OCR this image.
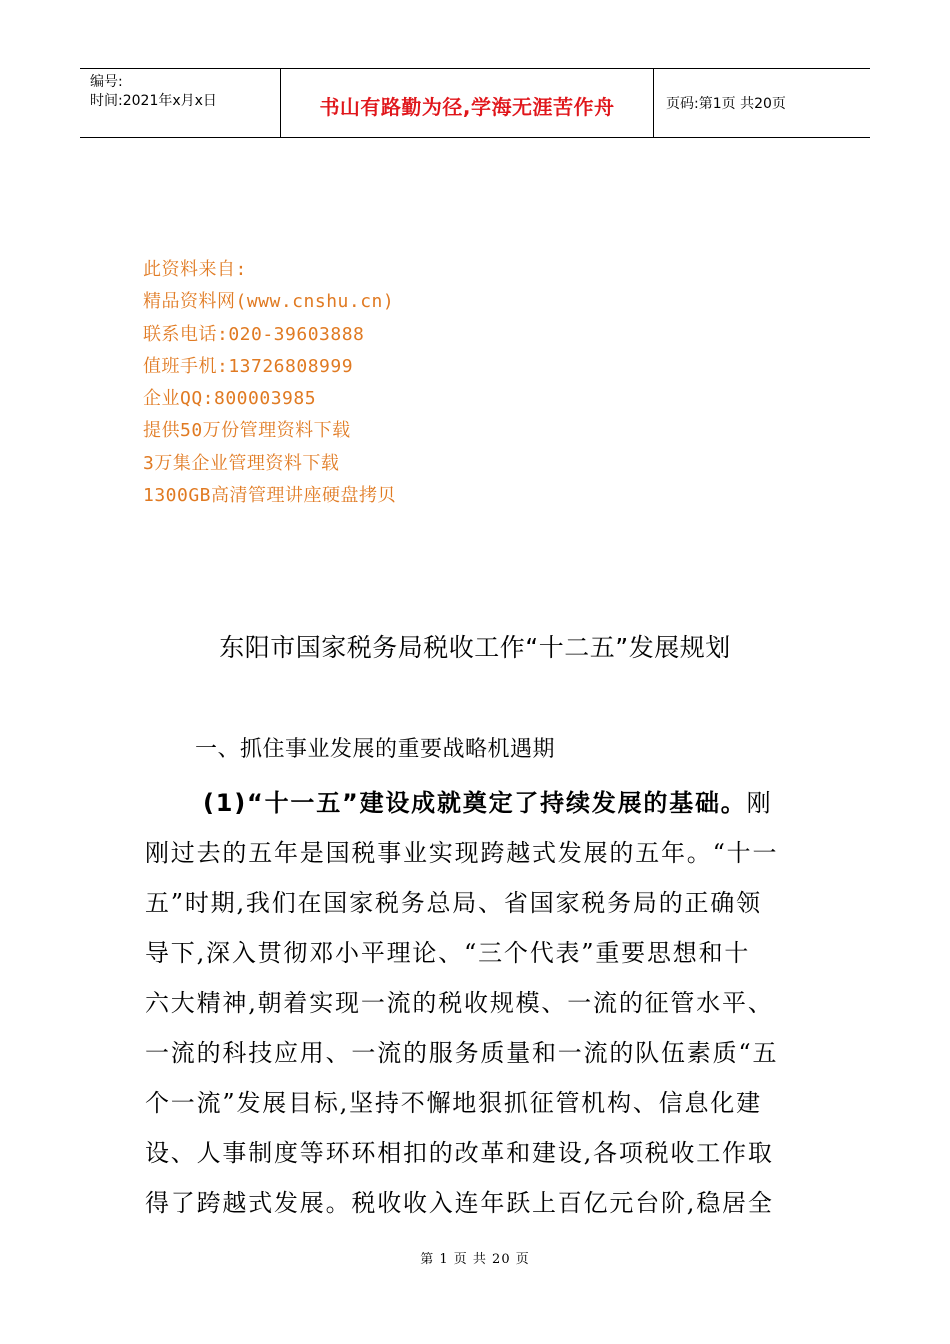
编号:
时间:2021年x月x日	书山有路勤为径,学海无涯苦作舟	页码:第1页 共20页
此资料来自:
精品资料网(www.cnshu.cn)
联系电话:020-39603888
值班手机:13726808999
企业QQ:800003985
提供50万份管理资料下载
3万集企业管理资料下载
1300GB高清管理讲座硬盘拷贝
东阳市国家税务局税收工作“十二五”发展规划
一、抓住事业发展的重要战略机遇期
(1)“十一五”建设成就奠定了持续发展的基础。刚
刚过去的五年是国税事业实现跨越式发展的五年。“十一
五”时期,我们在国家税务总局、省国家税务局的正确领
导下,深入贯彻邓小平理论、“三个代表”重要思想和十
六大精神,朝着实现一流的税收规模、一流的征管水平、
一流的科技应用、一流的服务质量和一流的队伍素质“五
个一流”发展目标,坚持不懈地狠抓征管机构、信息化建
设、人事制度等环环相扣的改革和建设,各项税收工作取
得了跨越式发展。税收收入连年跃上百亿元台阶,稳居全
第 1 页 共 20 页
